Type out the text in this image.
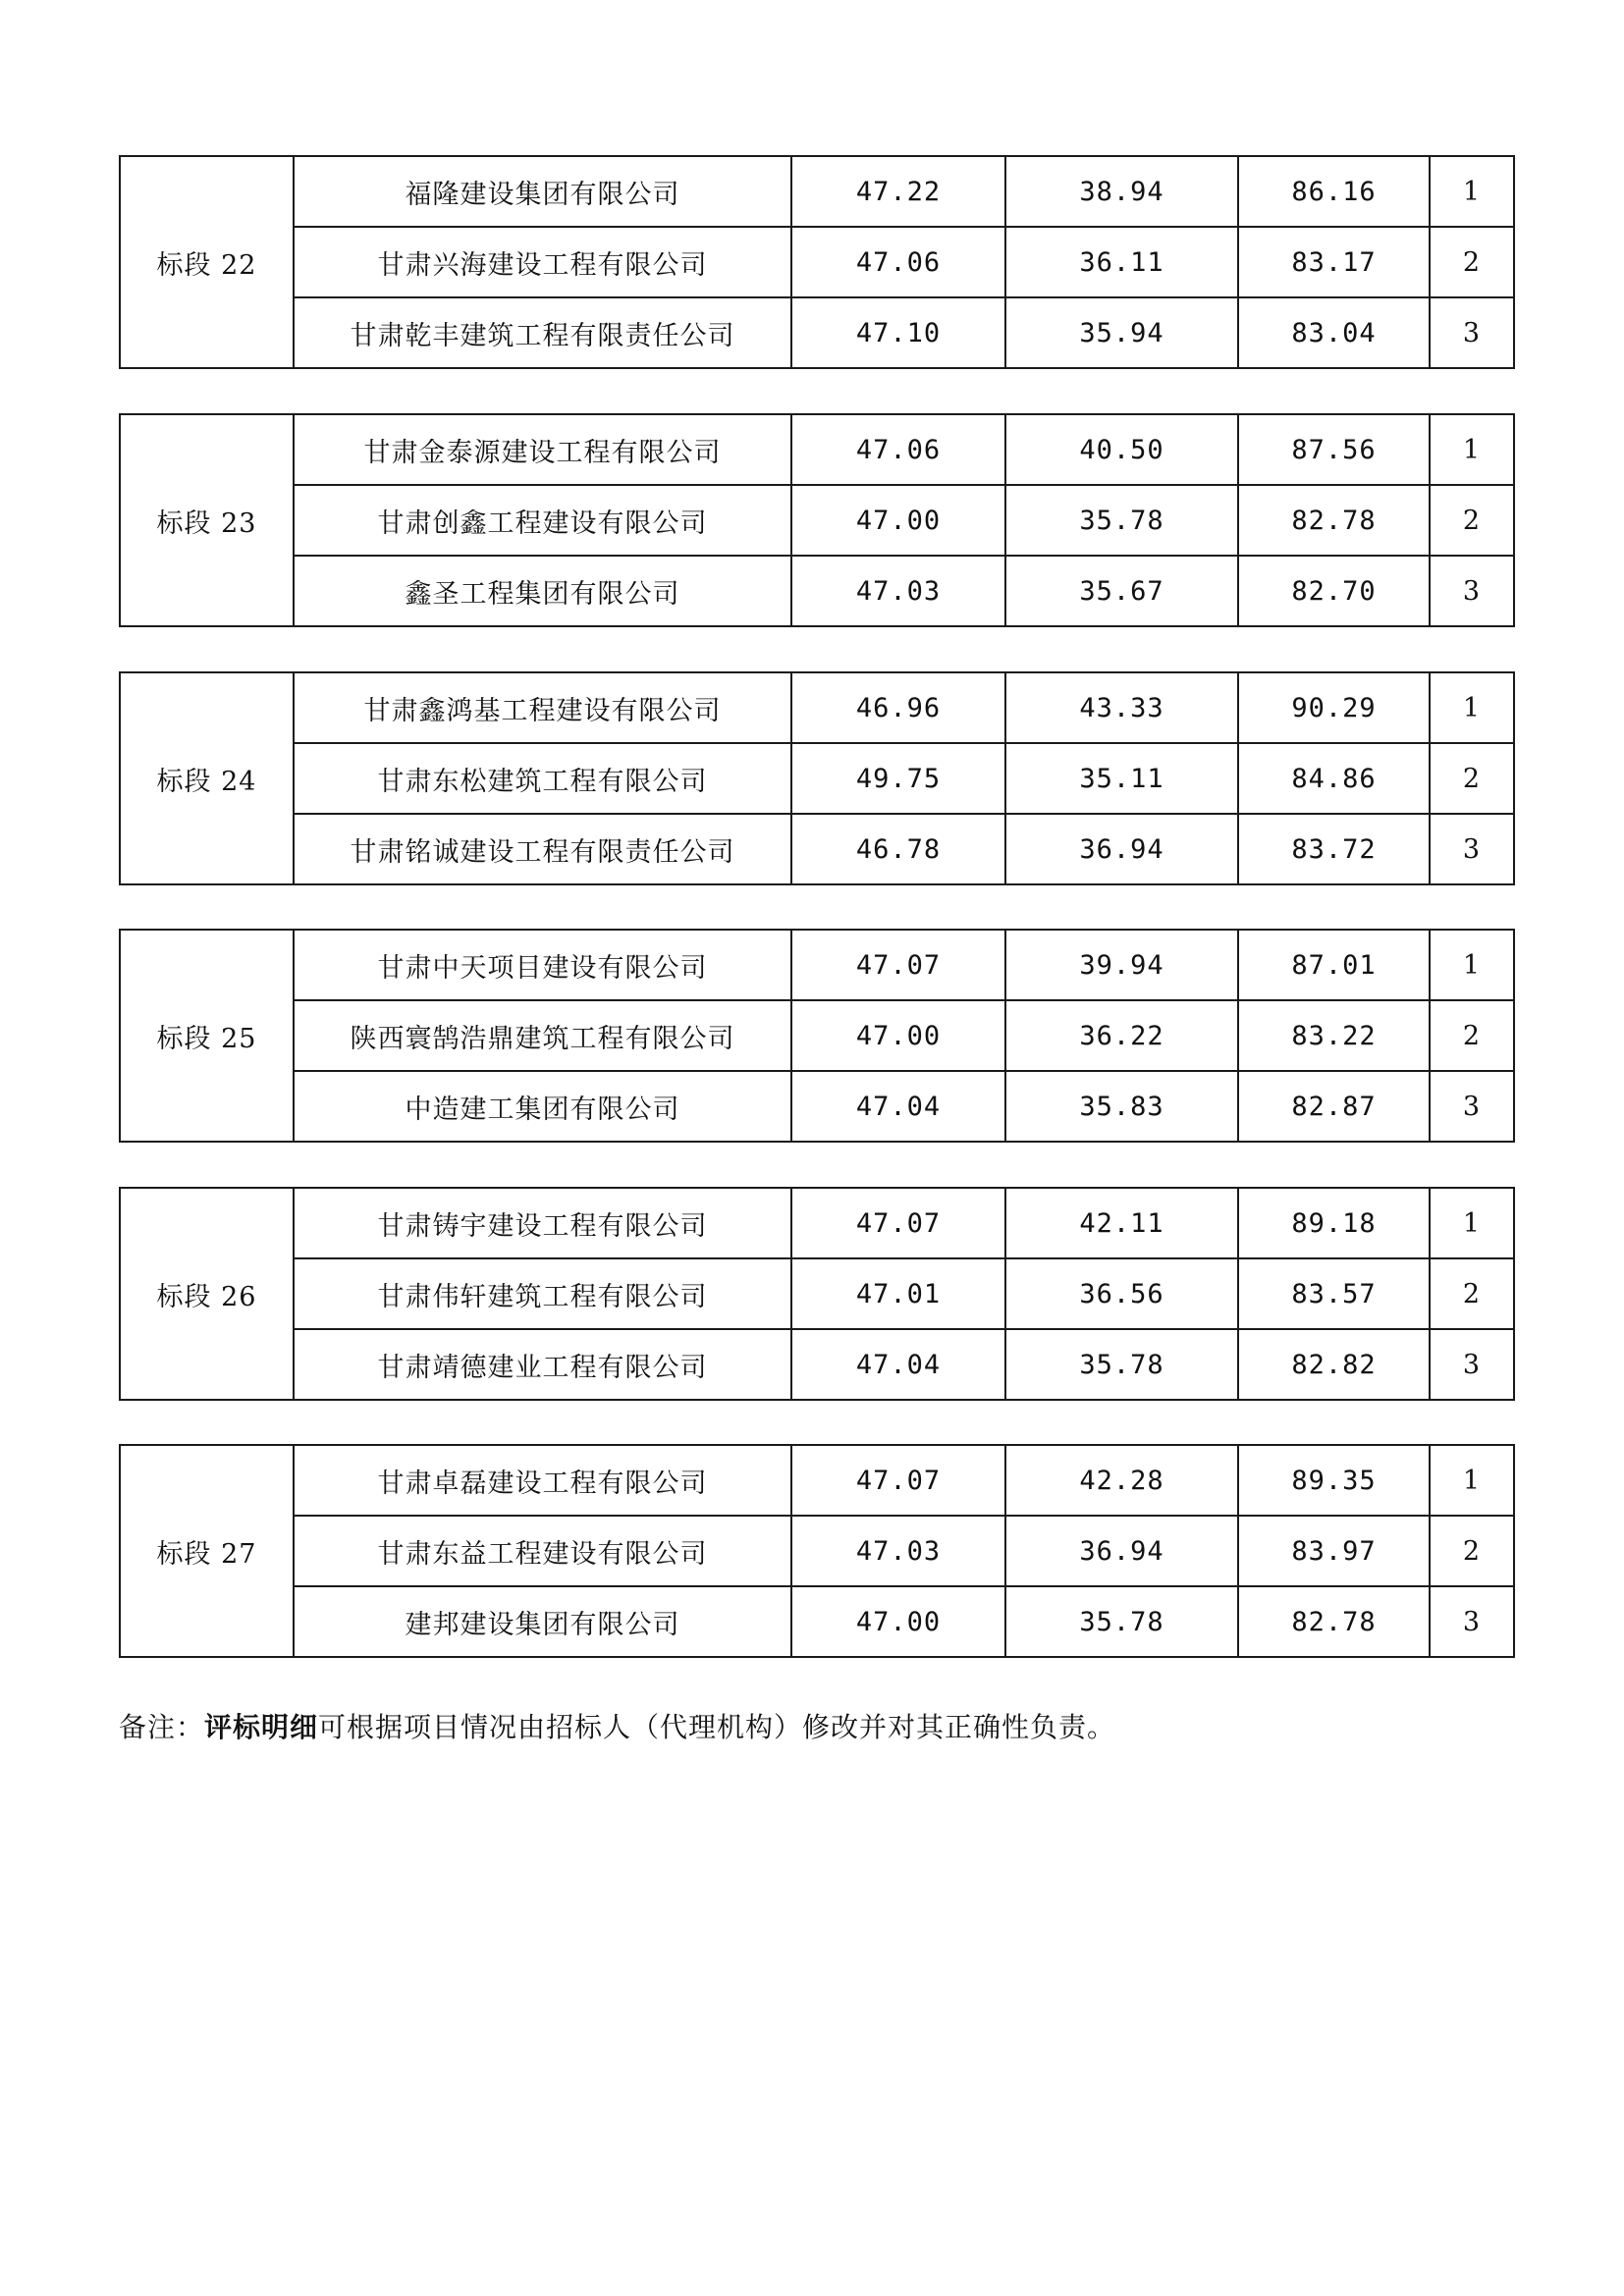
标段 22	福隆建设集团有限公司	47.22	38.94	86.16	1
	甘肃兴海建设工程有限公司	47.06	36.11	83.17	2
	甘肃乾丰建筑工程有限责任公司	47.10	35.94	83.04	3
标段 23	甘肃金泰源建设工程有限公司	47.06	40.50	87.56	1
	甘肃创鑫工程建设有限公司	47.00	35.78	82.78	2
	鑫圣工程集团有限公司	47.03	35.67	82.70	3
标段 24	甘肃鑫鸿基工程建设有限公司	46.96	43.33	90.29	1
	甘肃东松建筑工程有限公司	49.75	35.11	84.86	2
	甘肃铭诚建设工程有限责任公司	46.78	36.94	83.72	3
标段 25	甘肃中天项目建设有限公司	47.07	39.94	87.01	1
	陕西寰鹄浩鼎建筑工程有限公司	47.00	36.22	83.22	2
	中造建工集团有限公司	47.04	35.83	82.87	3
标段 26	甘肃铸宇建设工程有限公司	47.07	42.11	89.18	1
	甘肃伟轩建筑工程有限公司	47.01	36.56	83.57	2
	甘肃靖德建业工程有限公司	47.04	35.78	82.82	3
标段 27	甘肃卓磊建设工程有限公司	47.07	42.28	89.35	1
	甘肃东益工程建设有限公司	47.03	36.94	83.97	2
	建邦建设集团有限公司	47.00	35.78	82.78	3
备注：评标明细可根据项目情况由招标人（代理机构）修改并对其正确性负责。
